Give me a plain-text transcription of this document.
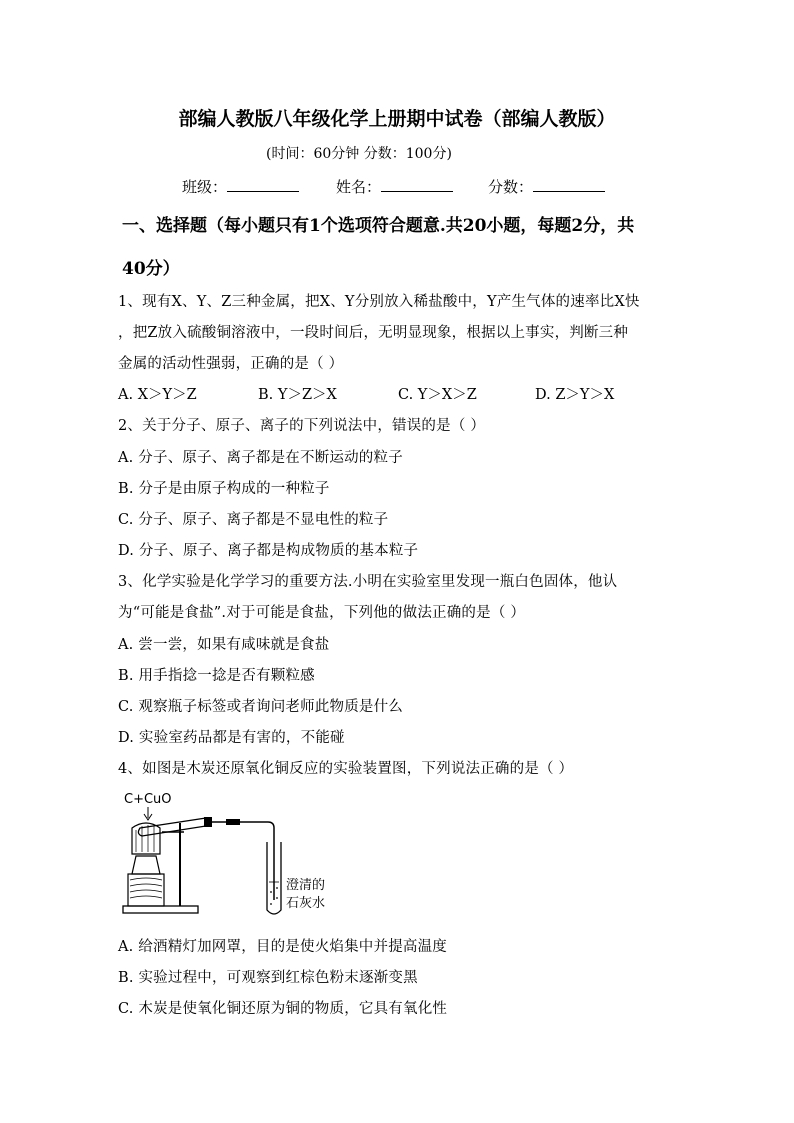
部编人教版八年级化学上册期中试卷（部编人教版）
(时间：60分钟 分数：100分)
班级：	姓名：	分数：
一、选择题（每小题只有1个选项符合题意.共20小题，每题2分，共
40分）
1、现有X、Y、Z三种金属，把X、Y分别放入稀盐酸中，Y产生气体的速率比X快
，把Z放入硫酸铜溶液中，一段时间后，无明显现象，根据以上事实，判断三种
金属的活动性强弱，正确的是（ ）
A. X＞Y＞Z	B. Y＞Z＞X	C. Y＞X＞Z	D. Z＞Y＞X
2、关于分子、原子、离子的下列说法中，错误的是（ ）
A. 分子、原子、离子都是在不断运动的粒子
B. 分子是由原子构成的一种粒子
C. 分子、原子、离子都是不显电性的粒子
D. 分子、原子、离子都是构成物质的基本粒子
3、化学实验是化学学习的重要方法.小明在实验室里发现一瓶白色固体，他认
为“可能是食盐”.对于可能是食盐，下列他的做法正确的是（ ）
A. 尝一尝，如果有咸味就是食盐
B. 用手指捻一捻是否有颗粒感
C. 观察瓶子标签或者询问老师此物质是什么
D. 实验室药品都是有害的，不能碰
4、如图是木炭还原氧化铜反应的实验装置图，下列说法正确的是（ ）
C+CuO
澄清的
石灰水
A. 给酒精灯加网罩，目的是使火焰集中并提高温度
B. 实验过程中，可观察到红棕色粉末逐渐变黑
C. 木炭是使氧化铜还原为铜的物质，它具有氧化性
